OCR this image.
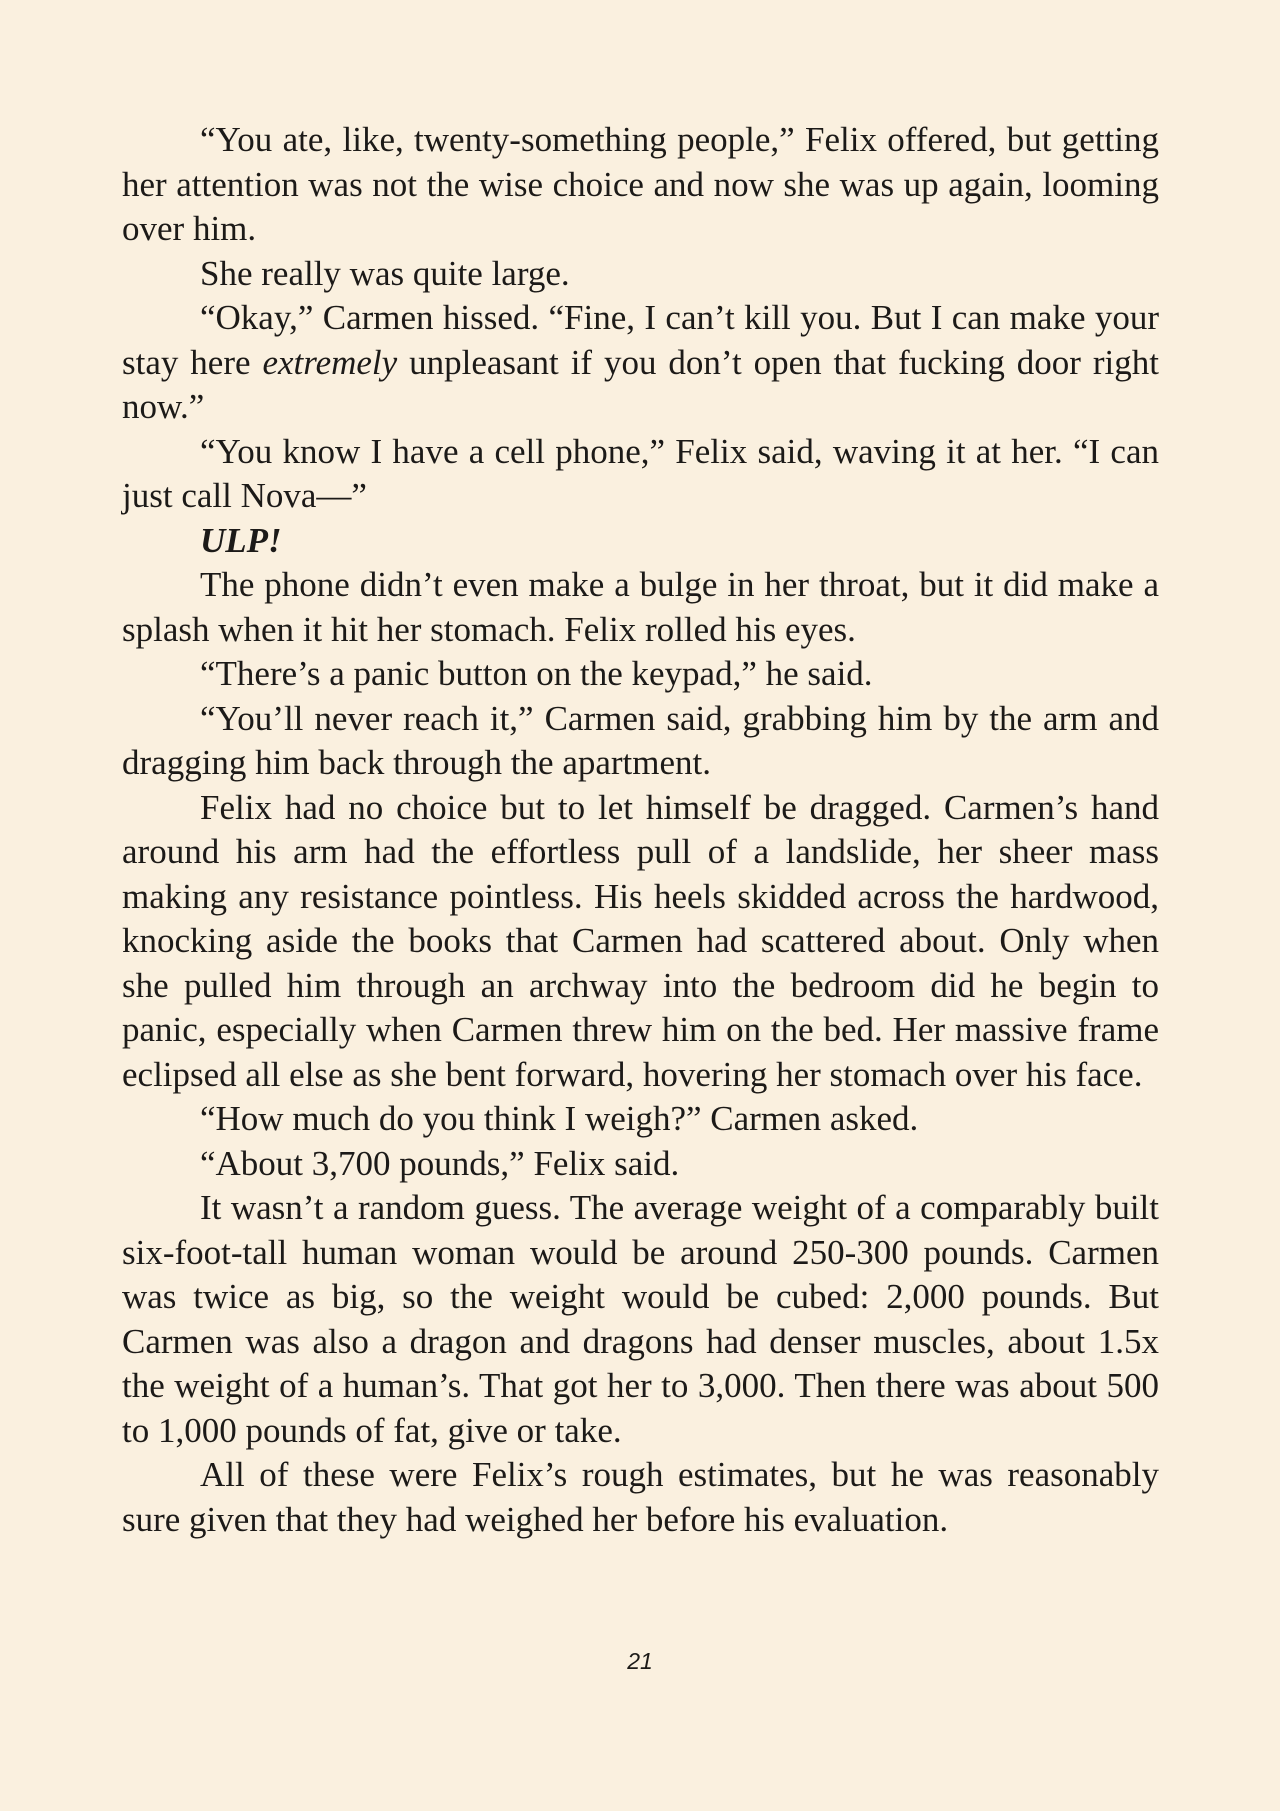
“You ate, like, twenty-something people,” Felix offered, but getting her attention was not the wise choice and now she was up again, looming over him.

She really was quite large.

“Okay,” Carmen hissed. “Fine, I can’t kill you. But I can make your stay here extremely unpleasant if you don’t open that fucking door right now.”

“You know I have a cell phone,” Felix said, waving it at her. “I can just call Nova—”

ULP!

The phone didn’t even make a bulge in her throat, but it did make a splash when it hit her stomach. Felix rolled his eyes.

“There’s a panic button on the keypad,” he said.

“You’ll never reach it,” Carmen said, grabbing him by the arm and dragging him back through the apartment.

Felix had no choice but to let himself be dragged. Carmen’s hand around his arm had the effortless pull of a landslide, her sheer mass making any resistance pointless. His heels skidded across the hardwood, knocking aside the books that Carmen had scattered about. Only when she pulled him through an archway into the bedroom did he begin to panic, especially when Carmen threw him on the bed. Her massive frame eclipsed all else as she bent forward, hovering her stomach over his face.

“How much do you think I weigh?” Carmen asked.

“About 3,700 pounds,” Felix said.

It wasn’t a random guess. The average weight of a comparably built six-foot-tall human woman would be around 250-300 pounds. Carmen was twice as big, so the weight would be cubed: 2,000 pounds. But Carmen was also a dragon and dragons had denser muscles, about 1.5x the weight of a human’s. That got her to 3,000. Then there was about 500 to 1,000 pounds of fat, give or take.

All of these were Felix’s rough estimates, but he was reasonably sure given that they had weighed her before his evaluation.

21
